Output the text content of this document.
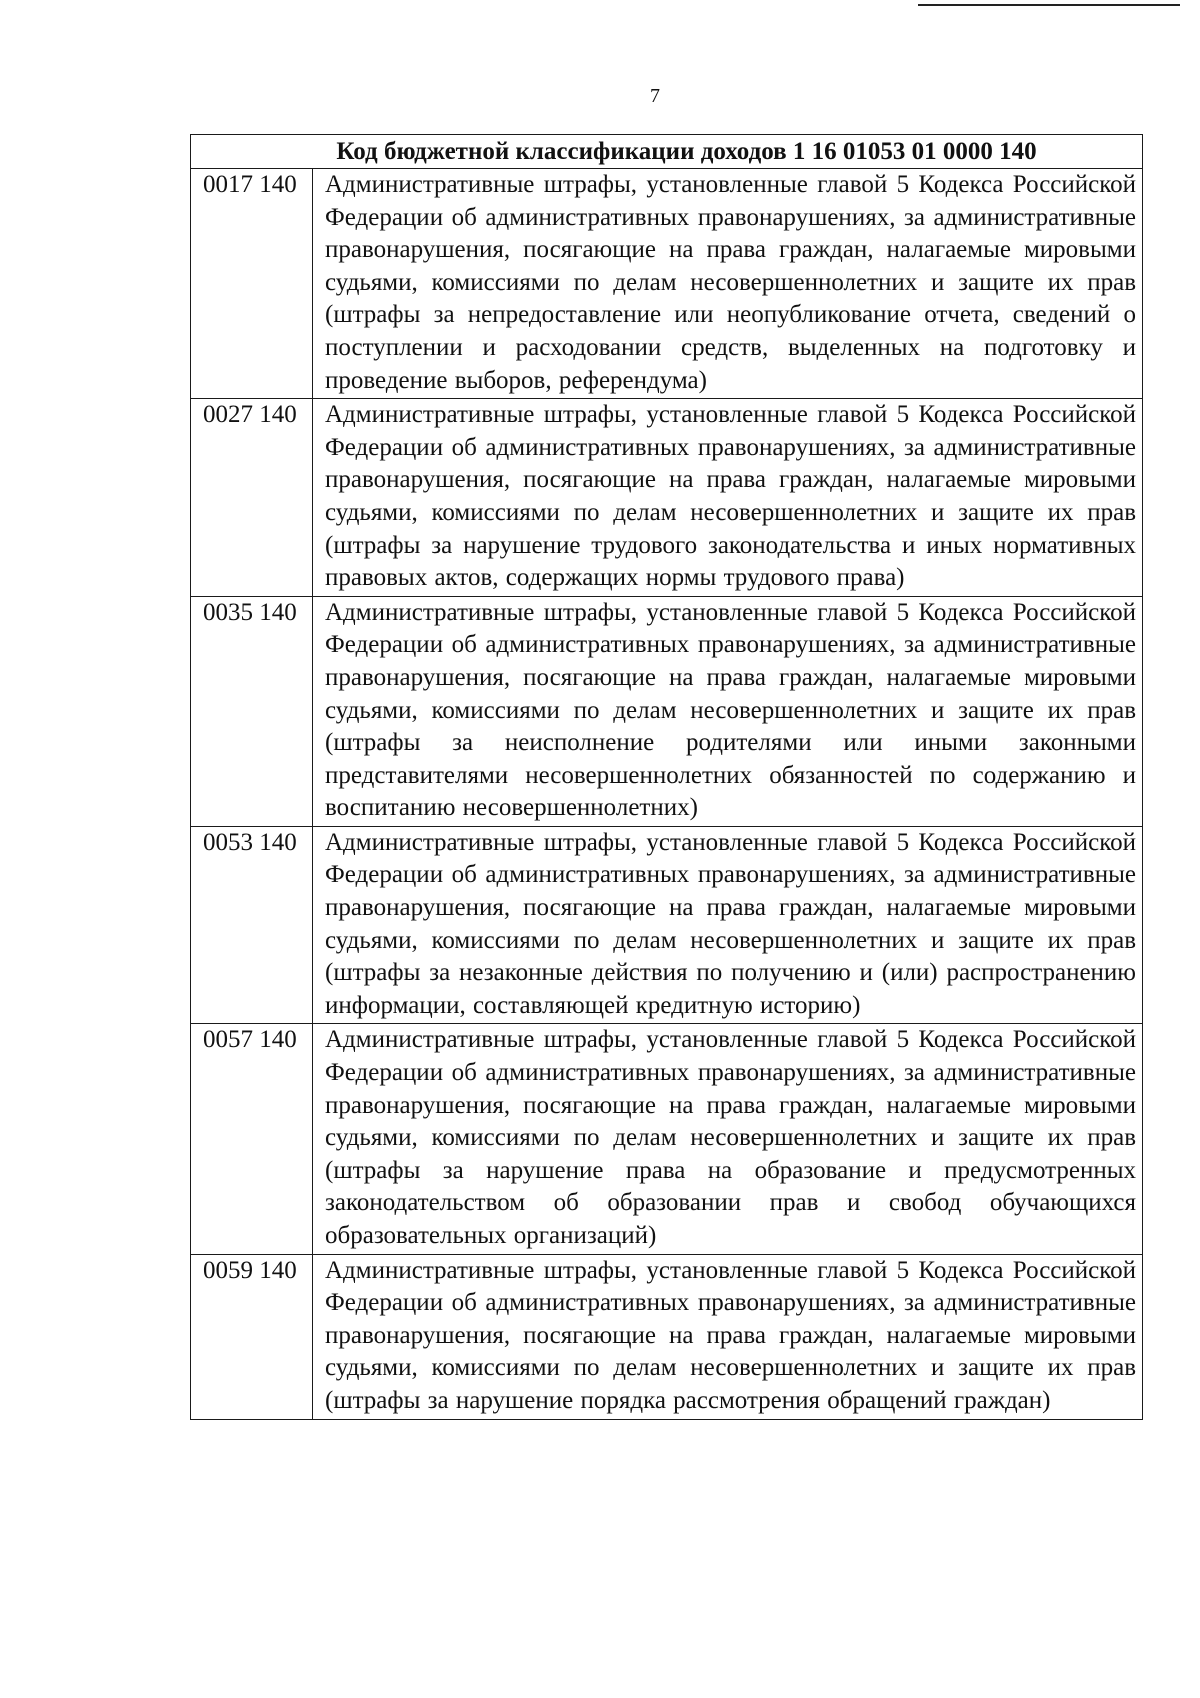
7
Код бюджетной классификации доходов 1 16 01053 01 0000 140	
0017 140	Административные штрафы, установленные главой 5 Кодекса Российской Федерации об административных правонарушениях, за административные правонарушения, посягающие на права граждан, налагаемые мировыми судьями, комиссиями по делам несовершеннолетних и защите их прав (штрафы за непредоставление или неопубликование отчета, сведений о поступлении и расходовании средств, выделенных на подготовку и проведение выборов, референдума)
0027 140	Административные штрафы, установленные главой 5 Кодекса Российской Федерации об административных правонарушениях, за административные правонарушения, посягающие на права граждан, налагаемые мировыми судьями, комиссиями по делам несовершеннолетних и защите их прав (штрафы за нарушение трудового законодательства и иных нормативных правовых актов, содержащих нормы трудового права)
0035 140	Административные штрафы, установленные главой 5 Кодекса Российской Федерации об административных правонарушениях, за административные правонарушения, посягающие на права граждан, налагаемые мировыми судьями, комиссиями по делам несовершеннолетних и защите их прав (штрафы за неисполнение родителями или иными законными представителями несовершеннолетних обязанностей по содержанию и воспитанию несовершеннолетних)
0053 140	Административные штрафы, установленные главой 5 Кодекса Российской Федерации об административных правонарушениях, за административные правонарушения, посягающие на права граждан, налагаемые мировыми судьями, комиссиями по делам несовершеннолетних и защите их прав (штрафы за незаконные действия по получению и (или) распространению информации, составляющей кредитную историю)
0057 140	Административные штрафы, установленные главой 5 Кодекса Российской Федерации об административных правонарушениях, за административные правонарушения, посягающие на права граждан, налагаемые мировыми судьями, комиссиями по делам несовершеннолетних и защите их прав (штрафы за нарушение права на образование и предусмотренных законодательством об образовании прав и свобод обучающихся образовательных организаций)
0059 140	Административные штрафы, установленные главой 5 Кодекса Российской Федерации об административных правонарушениях, за административные правонарушения, посягающие на права граждан, налагаемые мировыми судьями, комиссиями по делам несовершеннолетних и защите их прав (штрафы за нарушение порядка рассмотрения обращений граждан)
